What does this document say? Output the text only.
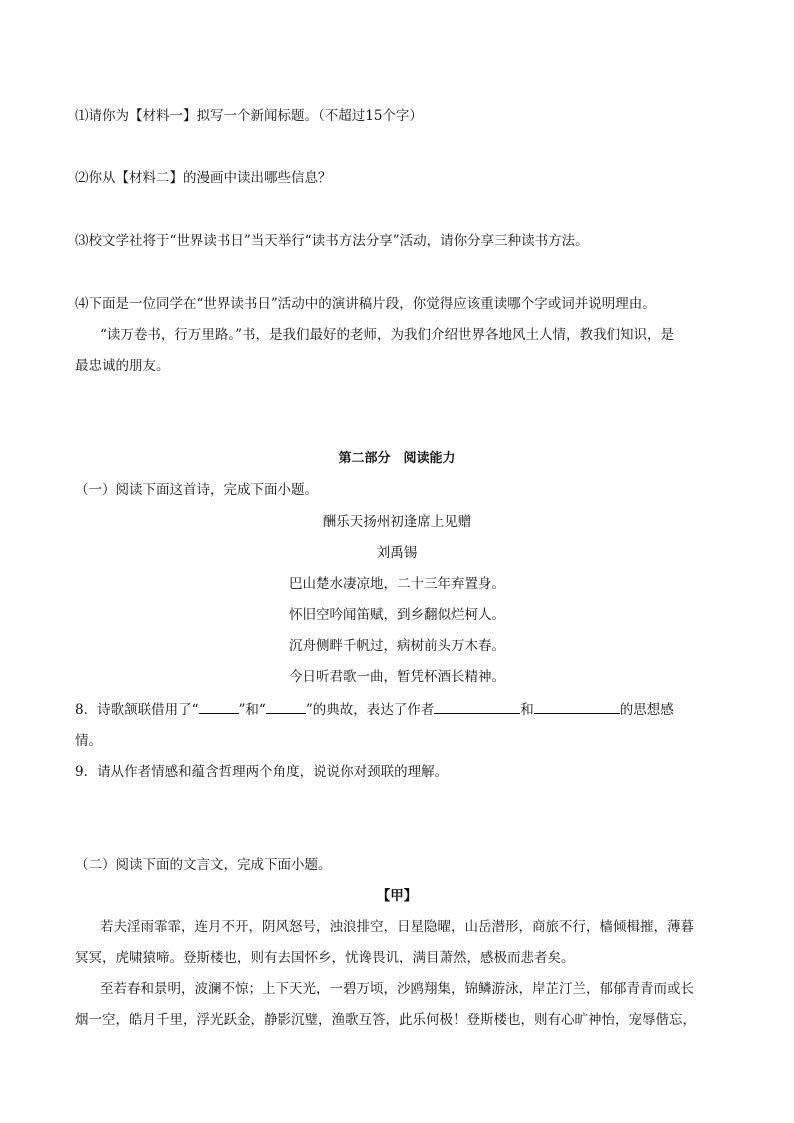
⑴请你为【材料一】拟写一个新闻标题。（不超过15个字）
⑵你从【材料二】的漫画中读出哪些信息？
⑶校文学社将于“世界读书日”当天举行“读书方法分享”活动，请你分享三种读书方法。
⑷下面是一位同学在“世界读书日”活动中的演讲稿片段，你觉得应该重读哪个字或词并说明理由。
“读万卷书，行万里路。”书，是我们最好的老师，为我们介绍世界各地风土人情，教我们知识，是
最忠诚的朋友。
第二部分　阅读能力
（一）阅读下面这首诗，完成下面小题。
酬乐天扬州初逢席上见赠
刘禹锡
巴山楚水凄凉地，二十三年弃置身。
怀旧空吟闻笛赋，到乡翻似烂柯人。
沉舟侧畔千帆过，病树前头万木春。
今日听君歌一曲，暂凭杯酒长精神。
8．诗歌颔联借用了“	”和“	”的典故，表达了作者	和	的思想感
情。
9．请从作者情感和蕴含哲理两个角度，说说你对颈联的理解。
（二）阅读下面的文言文，完成下面小题。
【甲】
若夫淫雨霏霏，连月不开，阴风怒号，浊浪排空，日星隐曜，山岳潜形，商旅不行，樯倾楫摧，薄暮
冥冥，虎啸猿啼。登斯楼也，则有去国怀乡，忧谗畏讥，满目萧然，感极而悲者矣。
至若春和景明，波澜不惊；上下天光，一碧万顷，沙鸥翔集，锦鳞游泳，岸芷汀兰，郁郁青青而或长
烟一空，皓月千里，浮光跃金，静影沉璧，渔歌互答，此乐何极！登斯楼也，则有心旷神怡，宠辱偕忘，
